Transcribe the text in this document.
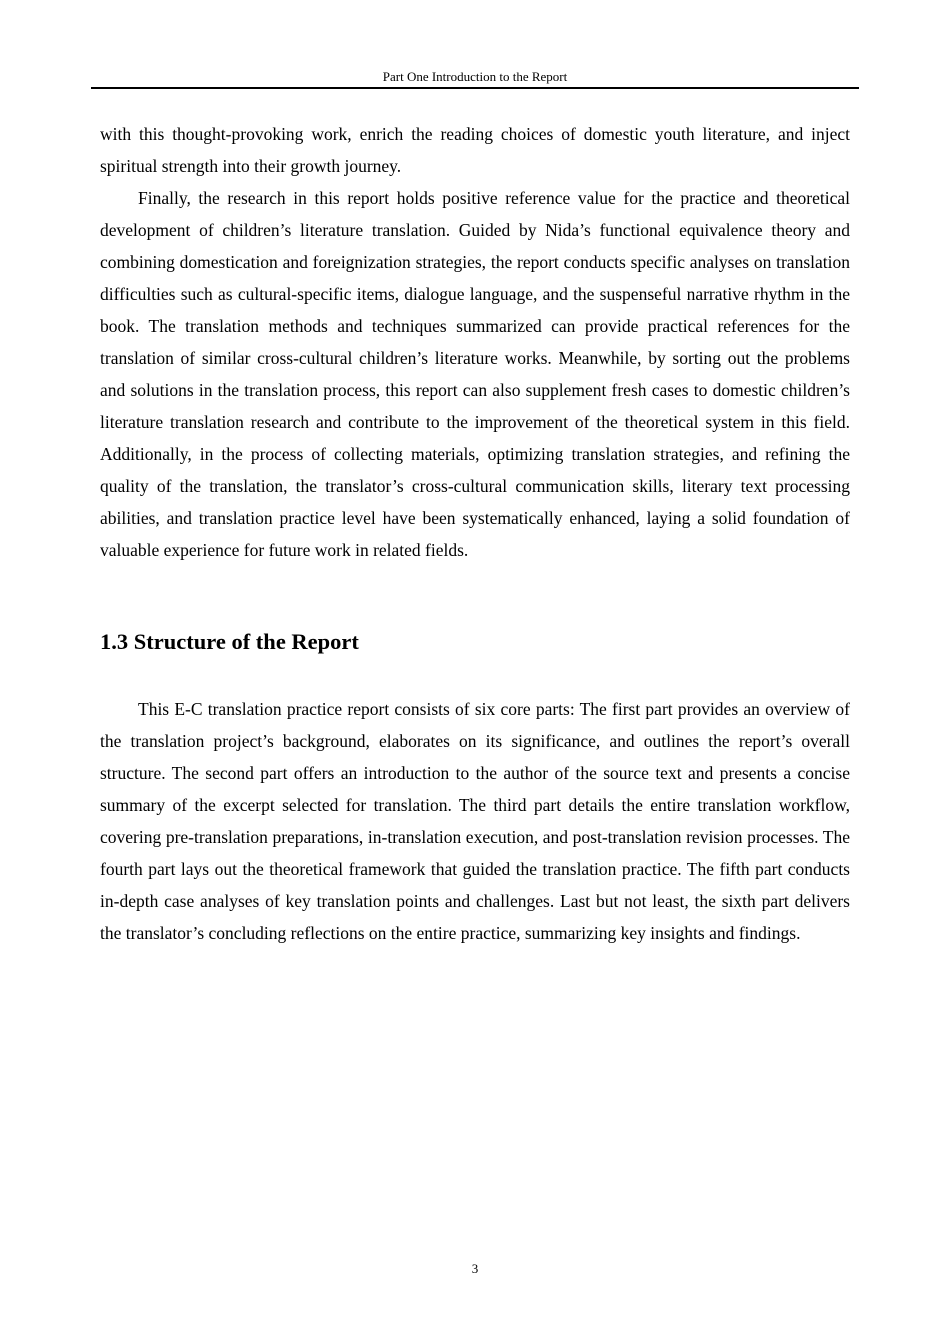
Part One Introduction to the Report

with this thought-provoking work, enrich the reading choices of domestic youth literature, and inject spiritual strength into their growth journey.

Finally, the research in this report holds positive reference value for the practice and theoretical development of children’s literature translation. Guided by Nida’s functional equivalence theory and combining domestication and foreignization strategies, the report conducts specific analyses on translation difficulties such as cultural-specific items, dialogue language, and the suspenseful narrative rhythm in the book. The translation methods and techniques summarized can provide practical references for the translation of similar cross-cultural children’s literature works. Meanwhile, by sorting out the problems and solutions in the translation process, this report can also supplement fresh cases to domestic children’s literature translation research and contribute to the improvement of the theoretical system in this field. Additionally, in the process of collecting materials, optimizing translation strategies, and refining the quality of the translation, the translator’s cross-cultural communication skills, literary text processing abilities, and translation practice level have been systematically enhanced, laying a solid foundation of valuable experience for future work in related fields.

1.3 Structure of the Report

This E-C translation practice report consists of six core parts: The first part provides an overview of the translation project’s background, elaborates on its significance, and outlines the report’s overall structure. The second part offers an introduction to the author of the source text and presents a concise summary of the excerpt selected for translation. The third part details the entire translation workflow, covering pre-translation preparations, in-translation execution, and post-translation revision processes. The fourth part lays out the theoretical framework that guided the translation practice. The fifth part conducts in-depth case analyses of key translation points and challenges. Last but not least, the sixth part delivers the translator’s concluding reflections on the entire practice, summarizing key insights and findings.

3
